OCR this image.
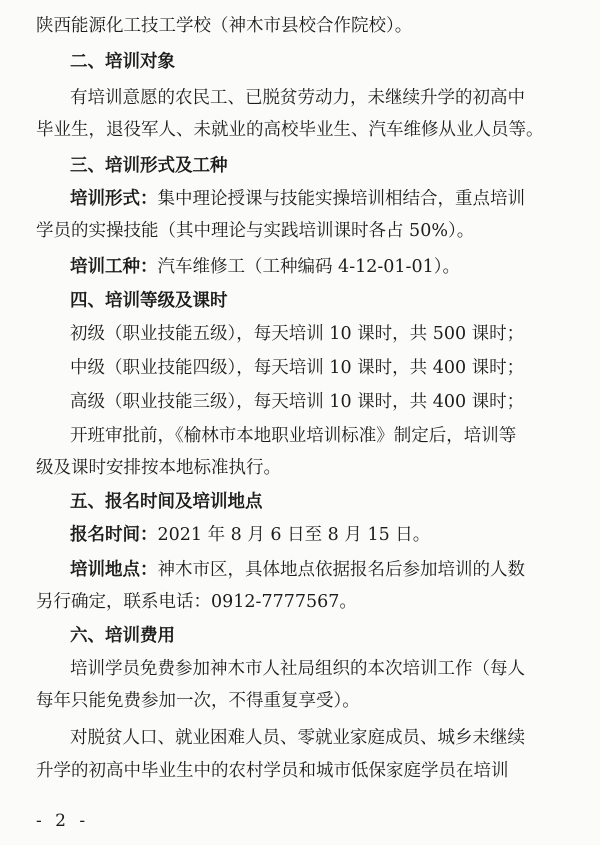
陕西能源化工技工学校（神木市县校合作院校）。
二、培训对象
有培训意愿的农民工、已脱贫劳动力，未继续升学的初高中
毕业生，退役军人、未就业的高校毕业生、汽车维修从业人员等。
三、培训形式及工种
培训形式：集中理论授课与技能实操培训相结合，重点培训
学员的实操技能（其中理论与实践培训课时各占 50%）。
培训工种：汽车维修工（工种编码 4-12-01-01）。
四、培训等级及课时
初级（职业技能五级），每天培训 10 课时，共 500 课时；
中级（职业技能四级），每天培训 10 课时，共 400 课时；
高级（职业技能三级），每天培训 10 课时，共 400 课时；
开班审批前，《榆林市本地职业培训标准》制定后，培训等
级及课时安排按本地标准执行。
五、报名时间及培训地点
报名时间：2021 年 8 月 6 日至 8 月 15 日。
培训地点：神木市区，具体地点依据报名后参加培训的人数
另行确定，联系电话：0912-7777567。
六、培训费用
培训学员免费参加神木市人社局组织的本次培训工作（每人
每年只能免费参加一次，不得重复享受）。
对脱贫人口、就业困难人员、零就业家庭成员、城乡未继续
升学的初高中毕业生中的农村学员和城市低保家庭学员在培训
- 2 -
